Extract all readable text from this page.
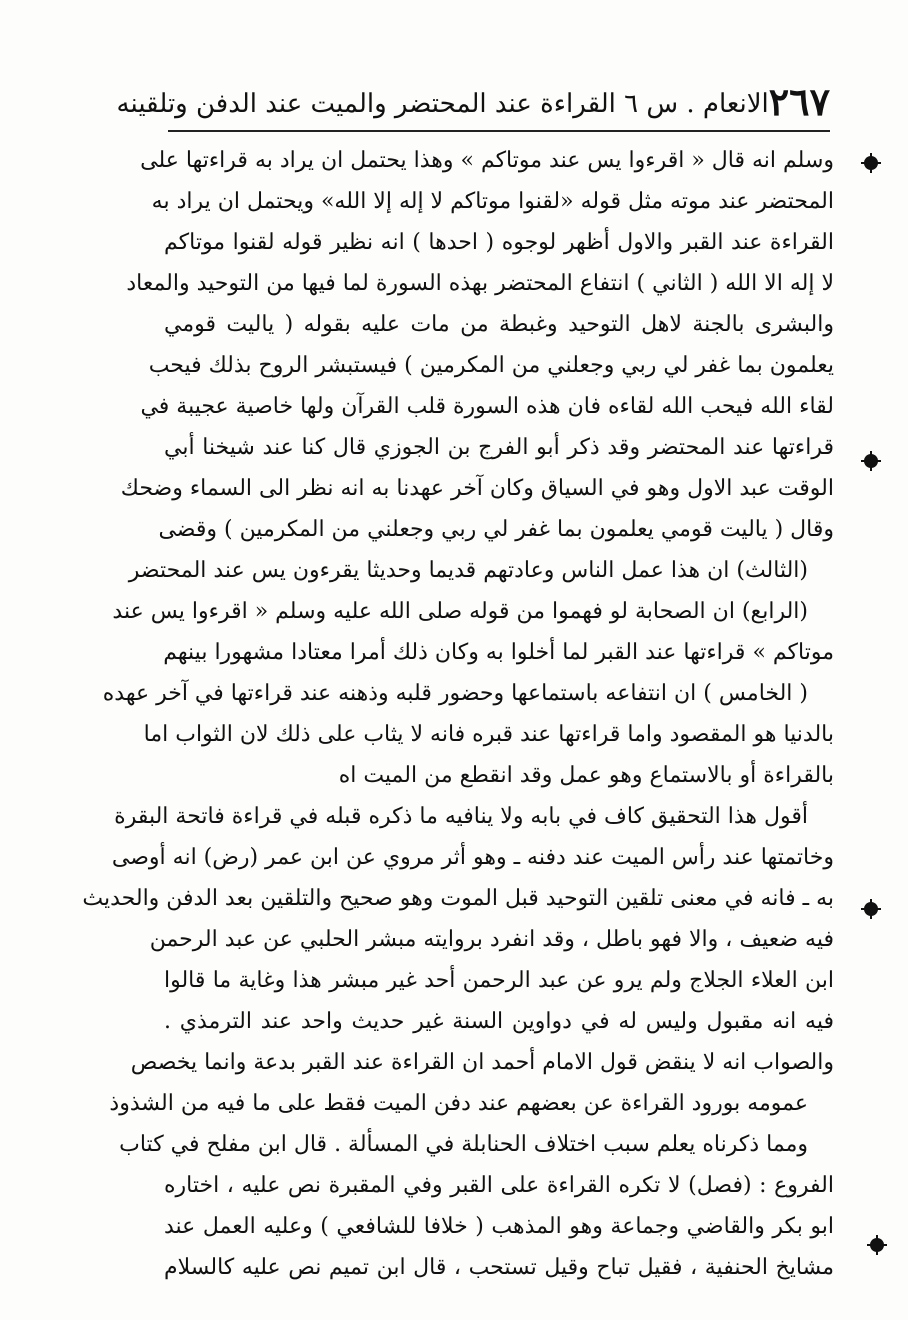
٢٦٧
الانعام . س ٦ القراءة عند المحتضر والميت عند الدفن وتلقينه
وسلم انه قال « اقرءوا يس عند موتاكم » وهذا يحتمل ان يراد به قراءتها على
المحتضر عند موته مثل قوله «لقنوا موتاكم لا إله إلا الله» ويحتمل ان يراد به
القراءة عند القبر والاول أظهر لوجوه ( احدها ) انه نظير قوله لقنوا موتاكم
لا إله الا الله ( الثاني ) انتفاع المحتضر بهذه السورة لما فيها من التوحيد والمعاد
والبشرى بالجنة لاهل التوحيد وغبطة من مات عليه بقوله ( ياليت قومي
يعلمون بما غفر لي ربي وجعلني من المكرمين ) فيستبشر الروح بذلك فيحب
لقاء الله فيحب الله لقاءه فان هذه السورة قلب القرآن ولها خاصية عجيبة في
قراءتها عند المحتضر وقد ذكر أبو الفرج بن الجوزي قال كنا عند شيخنا أبي
الوقت عبد الاول وهو في السياق وكان آخر عهدنا به انه نظر الى السماء وضحك
وقال ( ياليت قومي يعلمون بما غفر لي ربي وجعلني من المكرمين ) وقضى
(الثالث) ان هذا عمل الناس وعادتهم قديما وحديثا يقرءون يس عند المحتضر
(الرابع) ان الصحابة لو فهموا من قوله صلى الله عليه وسلم « اقرءوا يس عند
موتاكم » قراءتها عند القبر لما أخلوا به وكان ذلك أمرا معتادا مشهورا بينهم
( الخامس ) ان انتفاعه باستماعها وحضور قلبه وذهنه عند قراءتها في آخر عهده
بالدنيا هو المقصود واما قراءتها عند قبره فانه لا يثاب على ذلك لان الثواب اما
بالقراءة أو بالاستماع وهو عمل وقد انقطع من الميت اه
أقول هذا التحقيق كاف في بابه ولا ينافيه ما ذكره قبله في قراءة فاتحة البقرة
وخاتمتها عند رأس الميت عند دفنه ـ وهو أثر مروي عن ابن عمر (رض) انه أوصى
به ـ فانه في معنى تلقين التوحيد قبل الموت وهو صحيح والتلقين بعد الدفن والحديث
فيه ضعيف ، والا فهو باطل ، وقد انفرد بروايته مبشر الحلبي عن عبد الرحمن
ابن العلاء الجلاج ولم يرو عن عبد الرحمن أحد غير مبشر هذا وغاية ما قالوا
فيه انه مقبول وليس له في دواوين السنة غير حديث واحد عند الترمذي .
والصواب انه لا ينقض قول الامام أحمد ان القراءة عند القبر بدعة وانما يخصص
عمومه بورود القراءة عن بعضهم عند دفن الميت فقط على ما فيه من الشذوذ
ومما ذكرناه يعلم سبب اختلاف الحنابلة في المسألة . قال ابن مفلح في كتاب
الفروع : (فصل) لا تكره القراءة على القبر وفي المقبرة نص عليه ، اختاره
ابو بكر والقاضي وجماعة وهو المذهب ( خلافا للشافعي ) وعليه العمل عند
مشايخ الحنفية ، فقيل تباح وقيل تستحب ، قال ابن تميم نص عليه كالسلام
